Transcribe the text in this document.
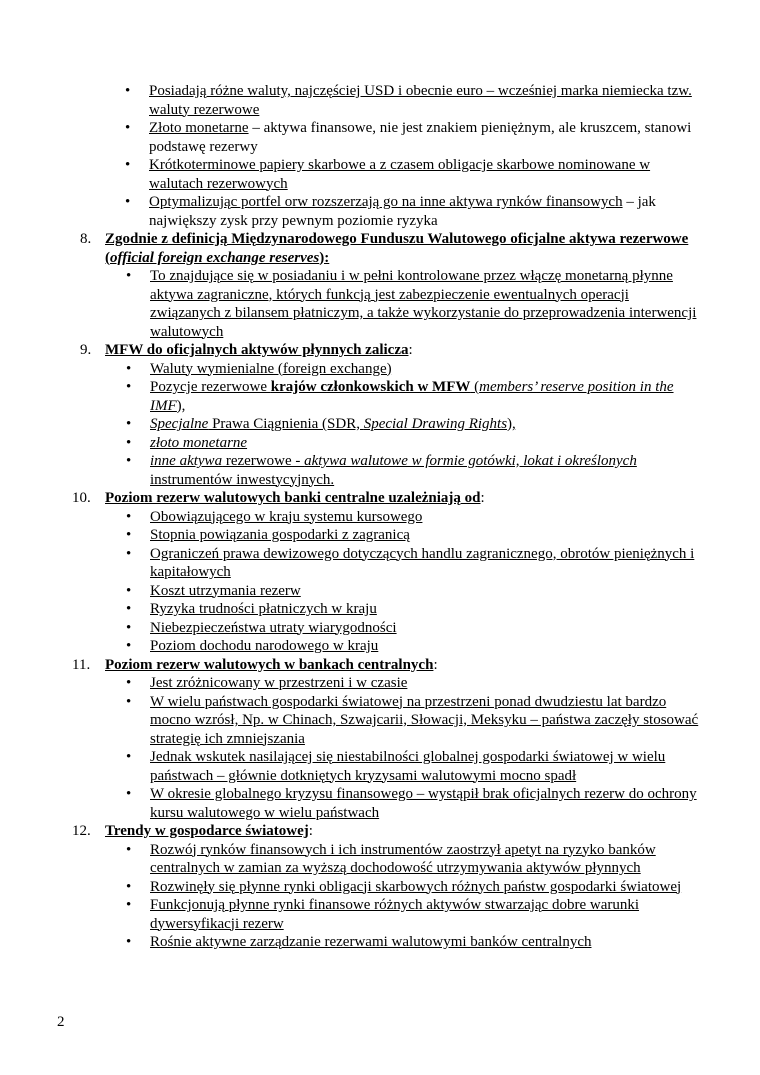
• Posiadają różne waluty, najczęściej USD i obecnie euro – wcześniej marka niemiecka tzw. waluty rezerwowe
• Złoto monetarne – aktywa finansowe, nie jest znakiem pieniężnym, ale kruszcem, stanowi podstawę rezerwy
• Krótkoterminowe papiery skarbowe a z czasem obligacje skarbowe nominowane w walutach rezerwowych
• Optymalizując portfel orw rozszerzają go na inne aktywa rynków finansowych – jak największy zysk przy pewnym poziomie ryzyka
8. Zgodnie z definicją Międzynarodowego Funduszu Walutowego oficjalne aktywa rezerwowe (official foreign exchange reserves):
• To znajdujące się w posiadaniu i w pełni kontrolowane przez włączę monetarną płynne aktywa zagraniczne, których funkcją jest zabezpieczenie ewentualnych operacji związanych z bilansem płatniczym, a także wykorzystanie do przeprowadzenia interwencji walutowych
9. MFW do oficjalnych aktywów płynnych zalicza:
• Waluty wymienialne (foreign exchange)
• Pozycje rezerwowe krajów członkowskich w MFW (members’ reserve position in the IMF),
• Specjalne Prawa Ciągnienia (SDR, Special Drawing Rights),
• złoto monetarne
• inne aktywa rezerwowe - aktywa walutowe w formie gotówki, lokat i określonych instrumentów inwestycyjnych.
10. Poziom rezerw walutowych banki centralne uzależniają od:
• Obowiązującego w kraju systemu kursowego
• Stopnia powiązania gospodarki z zagranicą
• Ograniczeń prawa dewizowego dotyczących handlu zagranicznego, obrotów pieniężnych i kapitałowych
• Koszt utrzymania rezerw
• Ryzyka trudności płatniczych w kraju
• Niebezpieczeństwa utraty wiarygodności
• Poziom dochodu narodowego w kraju
11. Poziom rezerw walutowych w bankach centralnych:
• Jest zróżnicowany w przestrzeni i w czasie
• W wielu państwach gospodarki światowej na przestrzeni ponad dwudziestu lat bardzo mocno wzrósł, Np. w Chinach, Szwajcarii, Słowacji, Meksyku – państwa zaczęły stosować strategię ich zmniejszania
• Jednak wskutek nasilającej się niestabilności globalnej gospodarki światowej w wielu państwach – głównie dotkniętych kryzysami walutowymi mocno spadł
• W okresie globalnego kryzysu finansowego – wystąpił brak oficjalnych rezerw do ochrony kursu walutowego w wielu państwach
12. Trendy w gospodarce światowej:
• Rozwój rynków finansowych i ich instrumentów zaostrzył apetyt na ryzyko banków centralnych w zamian za wyższą dochodowość utrzymywania aktywów płynnych
• Rozwinęły się płynne rynki obligacji skarbowych różnych państw gospodarki światowej
• Funkcjonują płynne rynki finansowe różnych aktywów stwarzając dobre warunki dywersyfikacji rezerw
• Rośnie aktywne zarządzanie rezerwami walutowymi banków centralnych
2
